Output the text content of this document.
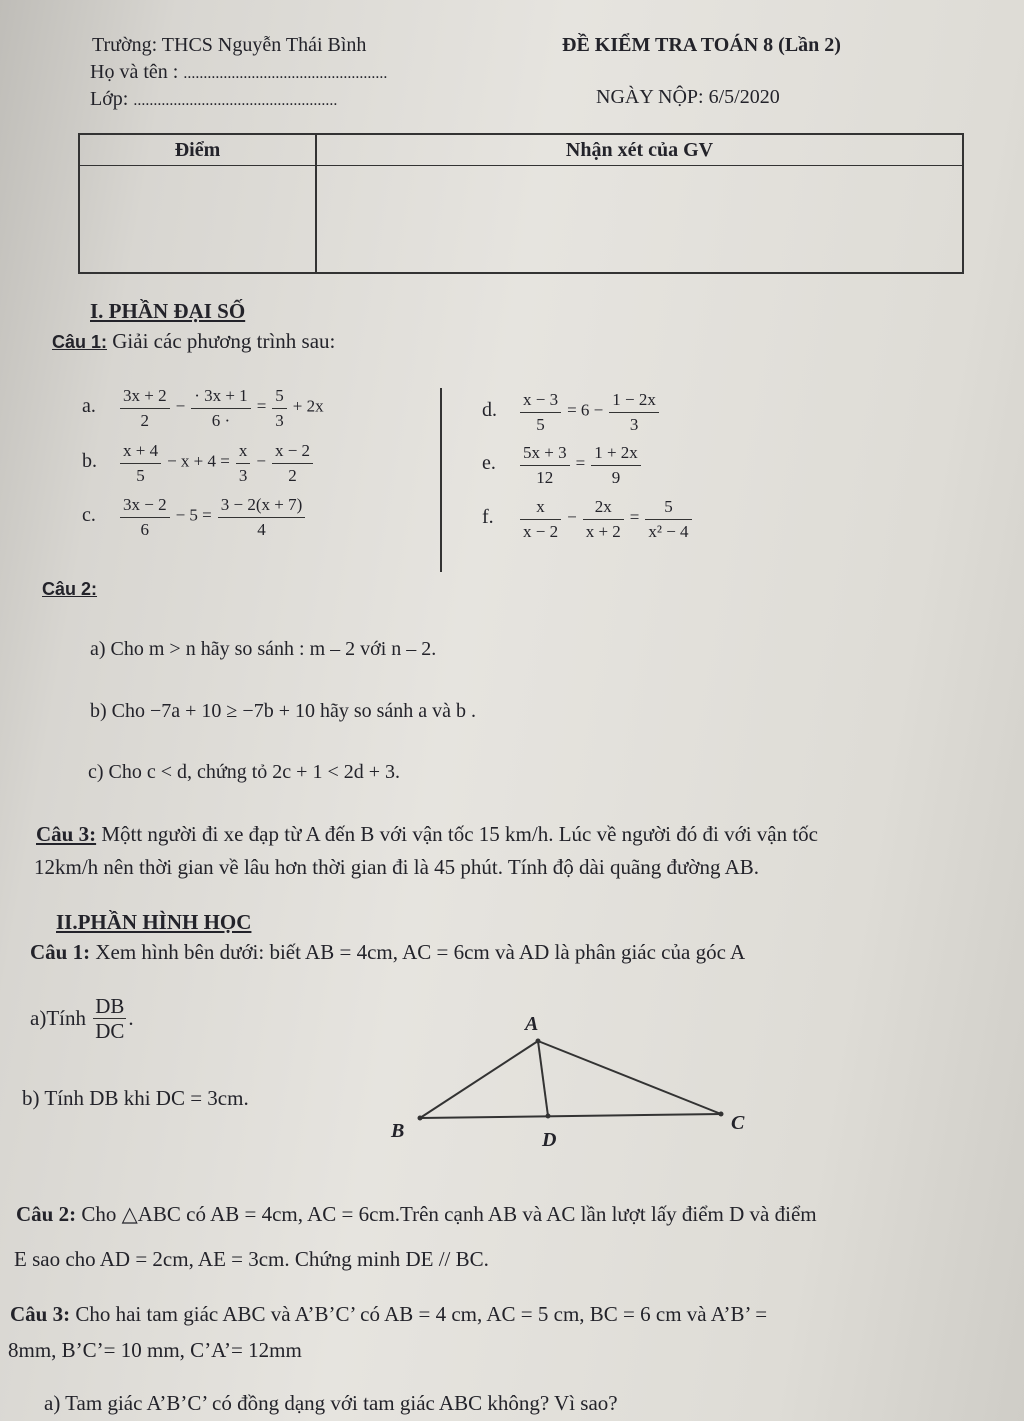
Trường: THCS Nguyễn Thái Bình
Họ và tên : ...................................................
Lớp: ...................................................
ĐỀ KIỂM TRA TOÁN 8 (Lần 2)
NGÀY NỘP: 6/5/2020
Điểm	Nhận xét của GV
I. PHẦN ĐẠI SỐ
Câu 1: Giải các phương trình sau:
a. $\frac{3x + 2}{2} - \frac{\cdot 3x + 1}{6 \cdot} = \frac{5}{3} + 2x$
b. $\frac{x + 4}{5} - x + 4 = \frac{x}{3} - \frac{x - 2}{2}$
c. $\frac{3x - 2}{6} - 5 = \frac{3 - 2(x + 7)}{4}$
d. $\frac{x - 3}{5} = 6 - \frac{1 - 2x}{3}$
e. $\frac{5x + 3}{12} = \frac{1 + 2x}{9}$
f. $\frac{x}{x - 2} - \frac{2x}{x + 2} = \frac{5}{\text{x² − 4}}$
Câu 2:
a) Cho m > n hãy so sánh : m – 2 với n – 2.
b) Cho −7a + 10 ≥ −7b + 10 hãy so sánh a và b .
c) Cho c < d, chứng tỏ 2c + 1 < 2d + 3.
Câu 3: Mộtt người đi xe đạp từ A đến B với vận tốc 15 km/h. Lúc về người đó đi với vận tốc
12km/h nên thời gian về lâu hơn thời gian đi là 45 phút. Tính độ dài quãng đường AB.
II.PHẦN HÌNH HỌC
Câu 1: Xem hình bên dưới: biết AB = 4cm, AC = 6cm và AD là phân giác của góc A
a)Tính $\frac{DB}{DC}$ .
b) Tính DB khi DC = 3cm.
A
B	C
D
Câu 2: Cho △ABC có AB = 4cm, AC = 6cm.Trên cạnh AB và AC lần lượt lấy điểm D và điểm
E sao cho AD = 2cm, AE = 3cm. Chứng minh DE // BC.
Câu 3: Cho hai tam giác ABC và A’B’C’ có AB = 4 cm, AC = 5 cm, BC = 6 cm và A’B’ =
8mm, B’C’= 10 mm, C’A’= 12mm
a) Tam giác A’B’C’ có đồng dạng với tam giác ABC không? Vì sao?
